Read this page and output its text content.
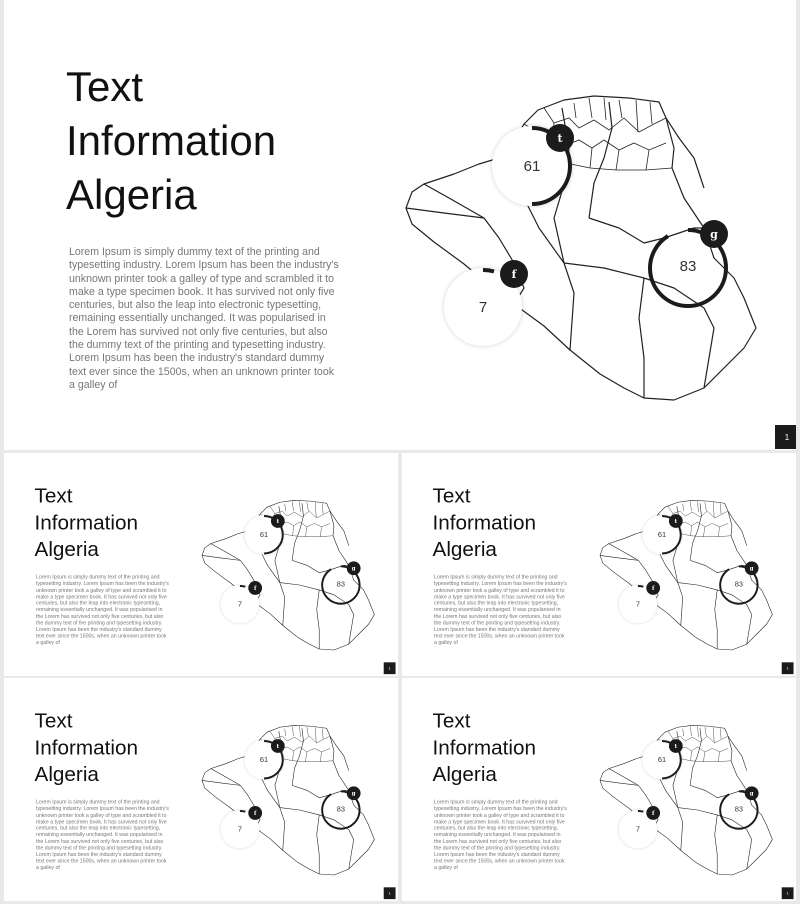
Text
Information
Algeria
Lorem Ipsum is simply dummy text of the printing and typesetting industry. Lorem Ipsum has been the industry's unknown printer took a galley of type and scrambled it to make a type specimen book. It has survived not only five centuries, but also the leap into electronic typesetting, remaining essentially unchanged. It was popularised in the Lorem has survived not only five centuries, but also the dummy text of the printing and typesetting industry. Lorem Ipsum has been the industry's standard dummy text ever since the 1500s, when an unknown printer took a galley of
61
t
7
f	83
g
1
Text
Information
Algeria
Lorem Ipsum is simply dummy text of the printing and typesetting industry. Lorem Ipsum has been the industry's unknown printer took a galley of type and scrambled it to make a type specimen book. It has survived not only five centuries, but also the leap into electronic typesetting, remaining essentially unchanged. It was popularised in the Lorem has survived not only five centuries, but also the dummy text of the printing and typesetting industry. Lorem Ipsum has been the industry's standard dummy text ever since the 1500s, when an unknown printer took a galley of
61
t
7
f	83
g
1
Text
Information
Algeria
Lorem Ipsum is simply dummy text of the printing and typesetting industry. Lorem Ipsum has been the industry's unknown printer took a galley of type and scrambled it to make a type specimen book. It has survived not only five centuries, but also the leap into electronic typesetting, remaining essentially unchanged. It was popularised in the Lorem has survived not only five centuries, but also the dummy text of the printing and typesetting industry. Lorem Ipsum has been the industry's standard dummy text ever since the 1500s, when an unknown printer took a galley of
61
t
7
f	83
g
1
Text
Information
Algeria
Lorem Ipsum is simply dummy text of the printing and typesetting industry. Lorem Ipsum has been the industry's unknown printer took a galley of type and scrambled it to make a type specimen book. It has survived not only five centuries, but also the leap into electronic typesetting, remaining essentially unchanged. It was popularised in the Lorem has survived not only five centuries, but also the dummy text of the printing and typesetting industry. Lorem Ipsum has been the industry's standard dummy text ever since the 1500s, when an unknown printer took a galley of
61
t
7
f	83
g
1
Text
Information
Algeria
Lorem Ipsum is simply dummy text of the printing and typesetting industry. Lorem Ipsum has been the industry's unknown printer took a galley of type and scrambled it to make a type specimen book. It has survived not only five centuries, but also the leap into electronic typesetting, remaining essentially unchanged. It was popularised in the Lorem has survived not only five centuries, but also the dummy text of the printing and typesetting industry. Lorem Ipsum has been the industry's standard dummy text ever since the 1500s, when an unknown printer took a galley of
61
t
7
f	83
g
1
